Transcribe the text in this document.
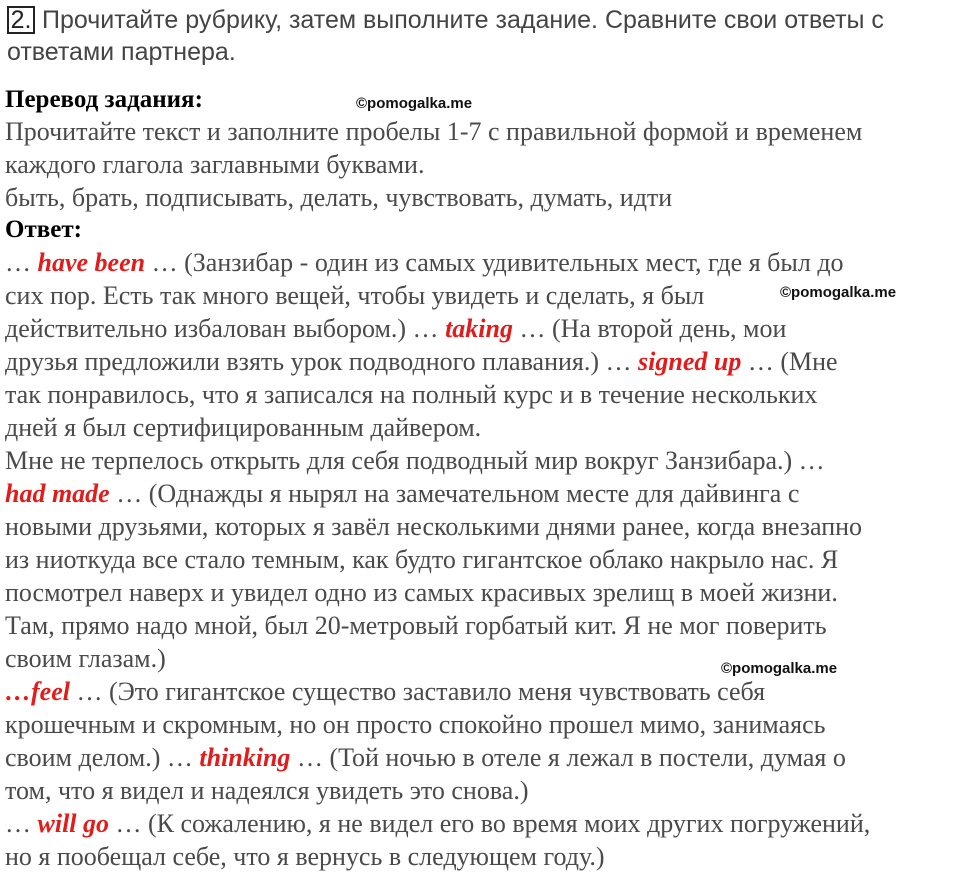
2. Прочитайте рубрику, затем выполните задание. Сравните свои ответы с
ответами партнера.
Перевод задания:	©pomogalka.me
Прочитайте текст и заполните пробелы 1-7 с правильной формой и временем
каждого глагола заглавными буквами.
быть, брать, подписывать, делать, чувствовать, думать, идти
Ответ:
… have been … (Занзибар - один из самых удивительных мест, где я был до
сих пор. Есть так много вещей, чтобы увидеть и сделать, я был	©pomogalka.me
действительно избалован выбором.) … taking … (На второй день, мои
друзья предложили взять урок подводного плавания.) … signed up … (Мне
так понравилось, что я записался на полный курс и в течение нескольких
дней я был сертифицированным дайвером.
Мне не терпелось открыть для себя подводный мир вокруг Занзибара.) …
had made … (Однажды я нырял на замечательном месте для дайвинга с
новыми друзьями, которых я завёл несколькими днями ранее, когда внезапно
из ниоткуда все стало темным, как будто гигантское облако накрыло нас. Я
посмотрел наверх и увидел одно из самых красивых зрелищ в моей жизни.
Там, прямо надо мной, был 20-метровый горбатый кит. Я не мог поверить
своим глазам.)	©pomogalka.me
…feel … (Это гигантское существо заставило меня чувствовать себя
крошечным и скромным, но он просто спокойно прошел мимо, занимаясь
своим делом.) … thinking … (Той ночью в отеле я лежал в постели, думая о
том, что я видел и надеялся увидеть это снова.)
… will go … (К сожалению, я не видел его во время моих других погружений,
но я пообещал себе, что я вернусь в следующем году.)
